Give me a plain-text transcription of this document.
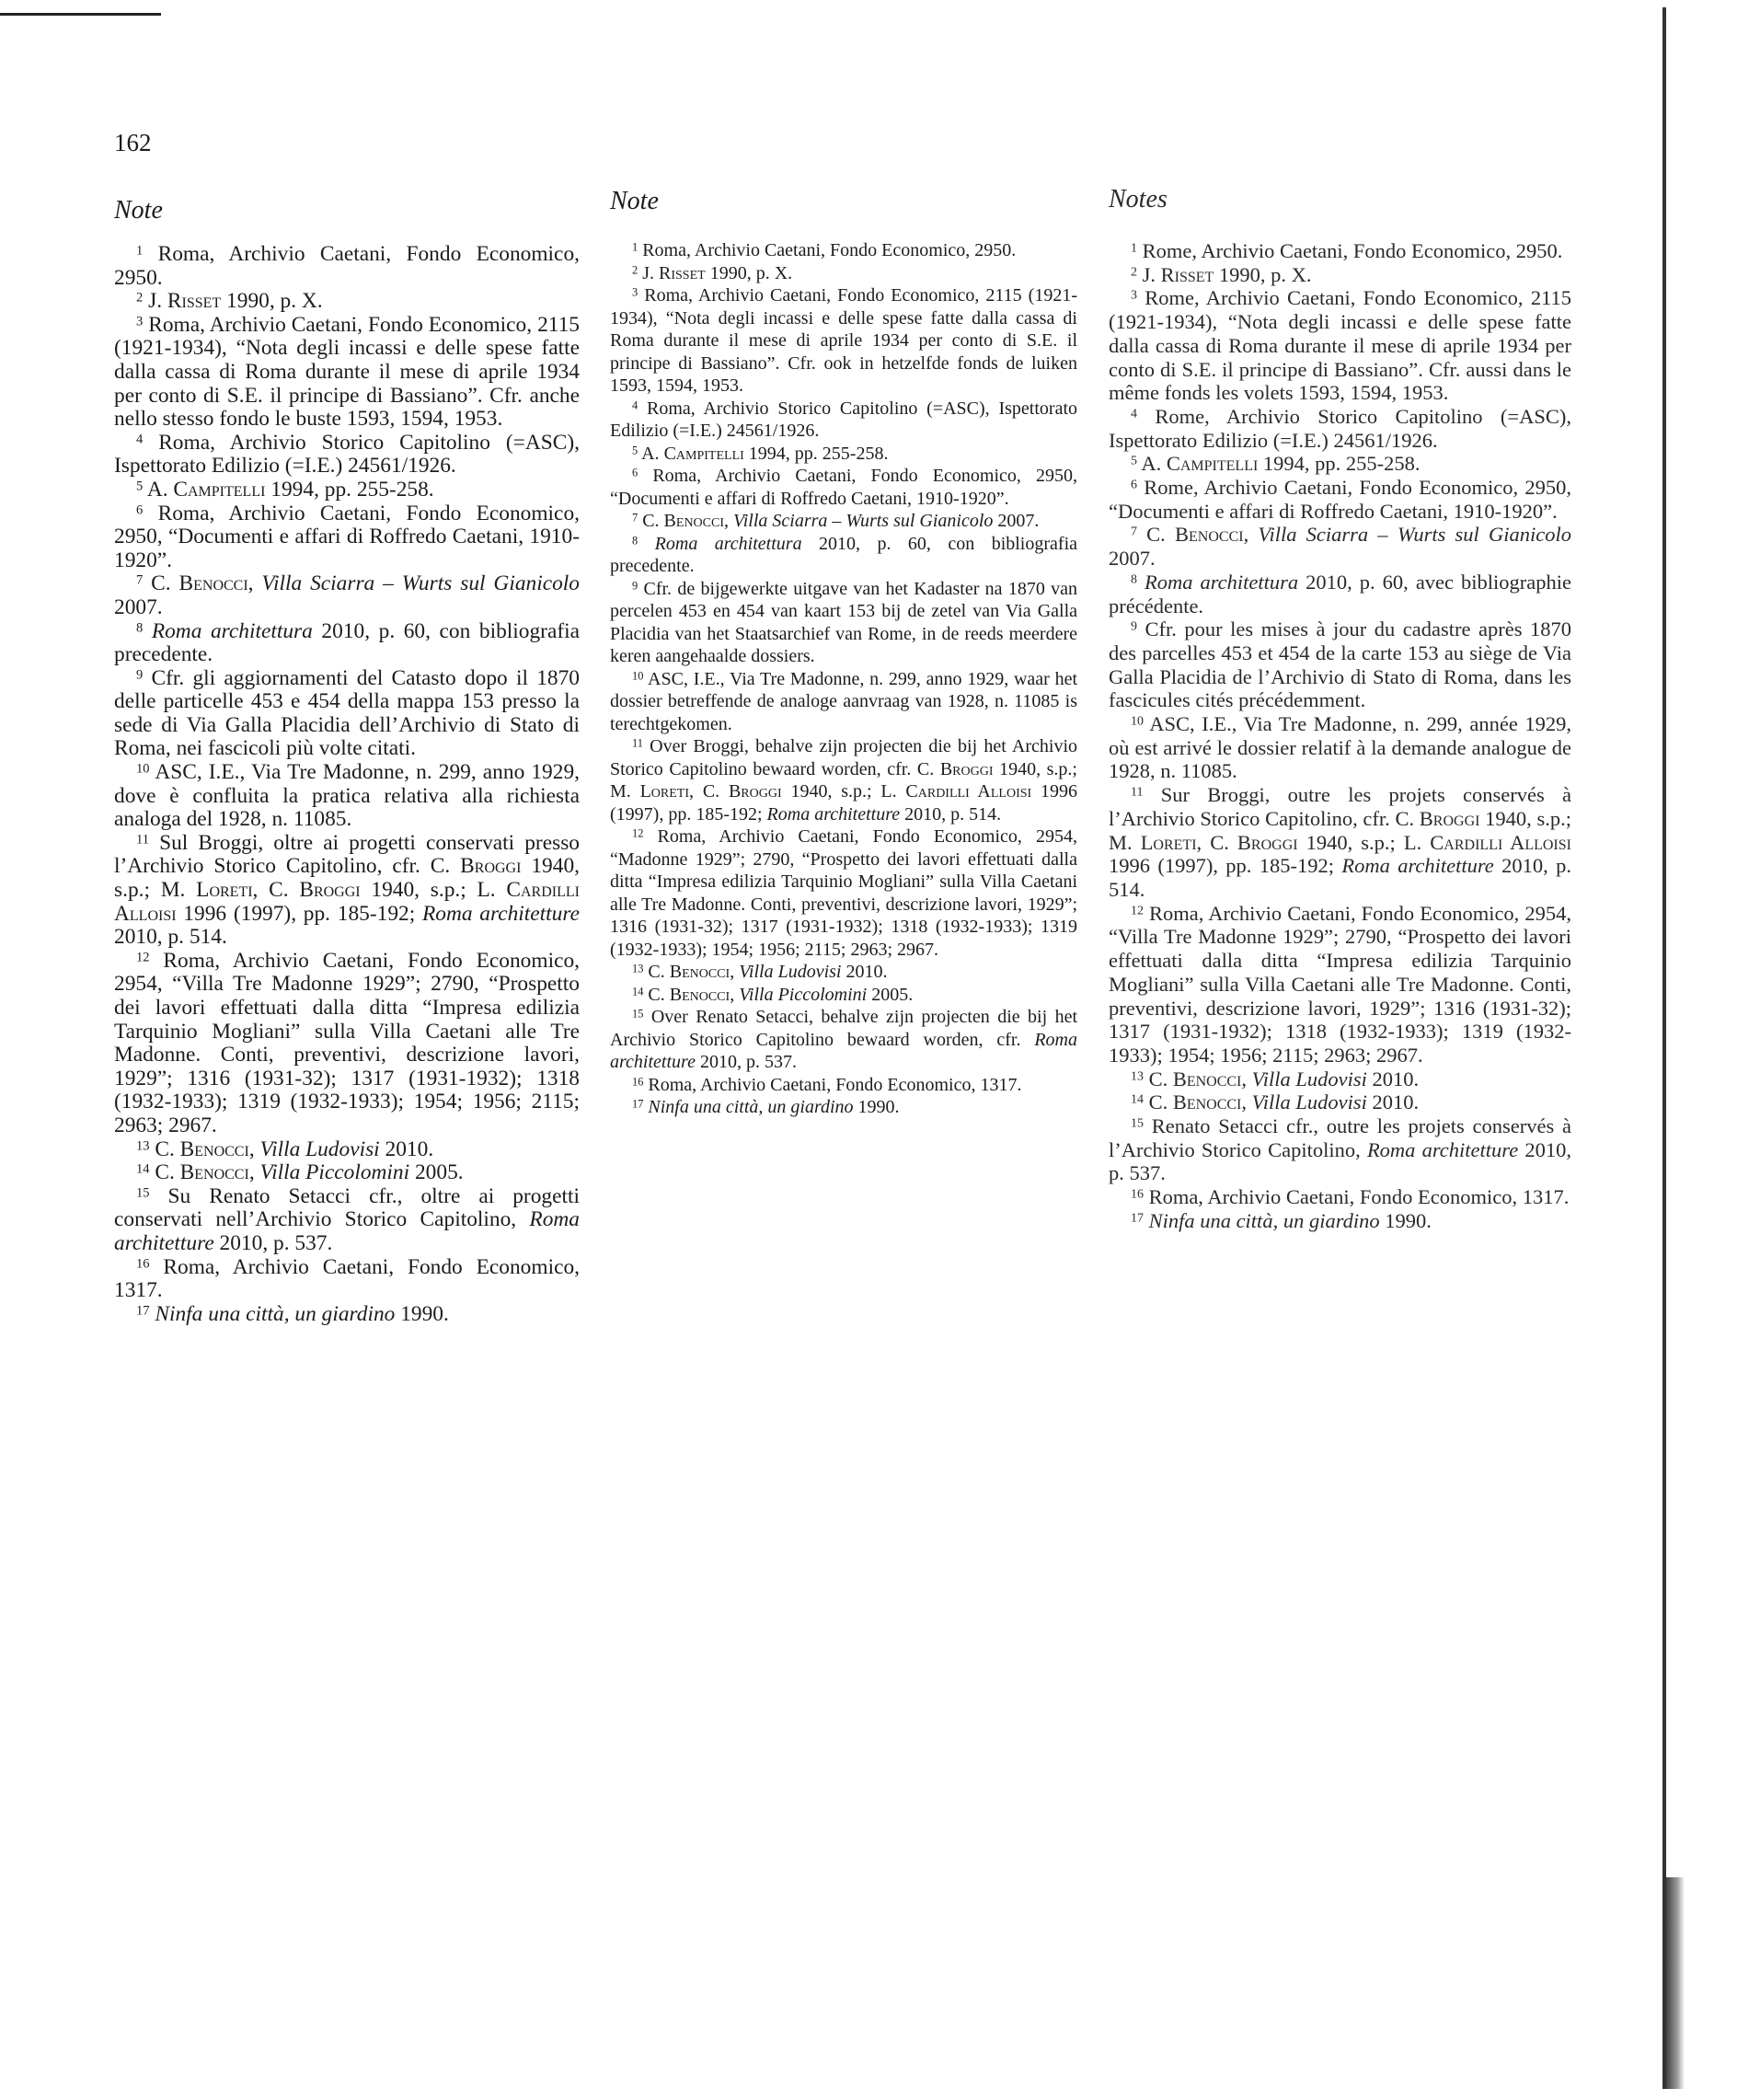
162
Note

$^1$ Roma, Archivio Caetani, Fondo Economico, 2950.

$^2$ J. Risset 1990, p. X.

$^3$ Roma, Archivio Caetani, Fondo Economico, 2115 (1921-1934), “Nota degli incassi e delle spese fatte dalla cassa di Roma durante il mese di aprile 1934 per conto di S.E. il principe di Bassiano”. Cfr. anche nello stesso fondo le buste 1593, 1594, 1953.

$^4$ Roma, Archivio Storico Capitolino (=ASC), Ispettorato Edilizio (=I.E.) 24561/1926.

$^5$ A. Campitelli 1994, pp. 255-258.

$^6$ Roma, Archivio Caetani, Fondo Economico, 2950, “Documenti e affari di Roffredo Caetani, 1910-1920”.

$^7$ C. Benocci, Villa Sciarra – Wurts sul Gianicolo 2007.

$^8$ Roma architettura 2010, p. 60, con bibliografia precedente.

$^9$ Cfr. gli aggiornamenti del Catasto dopo il 1870 delle particelle 453 e 454 della mappa 153 presso la sede di Via Galla Placidia dell’Archivio di Stato di Roma, nei fascicoli più volte citati.

$^{10}$ ASC, I.E., Via Tre Madonne, n. 299, anno 1929, dove è confluita la pratica relativa alla richiesta analoga del 1928, n. 11085.

$^{11}$ Sul Broggi, oltre ai progetti conservati presso l’Archivio Storico Capitolino, cfr. C. Broggi 1940, s.p.; M. Loreti, C. Broggi 1940, s.p.; L. Cardilli Alloisi 1996 (1997), pp. 185-192; Roma architetture 2010, p. 514.

$^{12}$ Roma, Archivio Caetani, Fondo Economico, 2954, “Villa Tre Madonne 1929”; 2790, “Prospetto dei lavori effettuati dalla ditta “Impresa edilizia Tarquinio Mogliani” sulla Villa Caetani alle Tre Madonne. Conti, preventivi, descrizione lavori, 1929”; 1316 (1931-32); 1317 (1931-1932); 1318 (1932-1933); 1319 (1932-1933); 1954; 1956; 2115; 2963; 2967.

$^{13}$ C. Benocci, Villa Ludovisi 2010.

$^{14}$ C. Benocci, Villa Piccolomini 2005.

$^{15}$ Su Renato Setacci cfr., oltre ai progetti conservati nell’Archivio Storico Capitolino, Roma architetture 2010, p. 537.

$^{16}$ Roma, Archivio Caetani, Fondo Economico, 1317.

$^{17}$ Ninfa una città, un giardino 1990.

Note

$^1$ Roma, Archivio Caetani, Fondo Economico, 2950.

$^2$ J. Risset 1990, p. X.

$^3$ Roma, Archivio Caetani, Fondo Economico, 2115 (1921-1934), “Nota degli incassi e delle spese fatte dalla cassa di Roma durante il mese di aprile 1934 per conto di S.E. il principe di Bassiano”. Cfr. ook in hetzelfde fonds de luiken 1593, 1594, 1953.

$^4$ Roma, Archivio Storico Capitolino (=ASC), Ispettorato Edilizio (=I.E.) 24561/1926.

$^5$ A. Campitelli 1994, pp. 255-258.

$^6$ Roma, Archivio Caetani, Fondo Economico, 2950, “Documenti e affari di Roffredo Caetani, 1910-1920”.

$^7$ C. Benocci, Villa Sciarra – Wurts sul Gianicolo 2007.

$^8$ Roma architettura 2010, p. 60, con bibliografia precedente.

$^9$ Cfr. de bijgewerkte uitgave van het Kadaster na 1870 van percelen 453 en 454 van kaart 153 bij de zetel van Via Galla Placidia van het Staatsarchief van Rome, in de reeds meerdere keren aangehaalde dossiers.

$^{10}$ ASC, I.E., Via Tre Madonne, n. 299, anno 1929, waar het dossier betreffende de analoge aanvraag van 1928, n. 11085 is terechtgekomen.

$^{11}$ Over Broggi, behalve zijn projecten die bij het Archivio Storico Capitolino bewaard worden, cfr. C. Broggi 1940, s.p.; M. Loreti, C. Broggi 1940, s.p.; L. Cardilli Alloisi 1996 (1997), pp. 185-192; Roma architetture 2010, p. 514.

$^{12}$ Roma, Archivio Caetani, Fondo Economico, 2954, “Madonne 1929”; 2790, “Prospetto dei lavori effettuati dalla ditta “Impresa edilizia Tarquinio Mogliani” sulla Villa Caetani alle Tre Madonne. Conti, preventivi, descrizione lavori, 1929”; 1316 (1931-32); 1317 (1931-1932); 1318 (1932-1933); 1319 (1932-1933); 1954; 1956; 2115; 2963; 2967.

$^{13}$ C. Benocci, Villa Ludovisi 2010.

$^{14}$ C. Benocci, Villa Piccolomini 2005.

$^{15}$ Over Renato Setacci, behalve zijn projecten die bij het Archivio Storico Capitolino bewaard worden, cfr. Roma architetture 2010, p. 537.

$^{16}$ Roma, Archivio Caetani, Fondo Economico, 1317.

$^{17}$ Ninfa una città, un giardino 1990.

Notes

$^1$ Rome, Archivio Caetani, Fondo Economico, 2950.

$^2$ J. Risset 1990, p. X.

$^3$ Rome, Archivio Caetani, Fondo Economico, 2115 (1921-1934), “Nota degli incassi e delle spese fatte dalla cassa di Roma durante il mese di aprile 1934 per conto di S.E. il principe di Bassiano”. Cfr. aussi dans le même fonds les volets 1593, 1594, 1953.

$^4$ Rome, Archivio Storico Capitolino (=ASC), Ispettorato Edilizio (=I.E.) 24561/1926.

$^5$ A. Campitelli 1994, pp. 255-258.

$^6$ Rome, Archivio Caetani, Fondo Economico, 2950, “Documenti e affari di Roffredo Caetani, 1910-1920”.

$^7$ C. Benocci, Villa Sciarra – Wurts sul Gianicolo 2007.

$^8$ Roma architettura 2010, p. 60, avec bibliographie précédente.

$^9$ Cfr. pour les mises à jour du cadastre après 1870 des parcelles 453 et 454 de la carte 153 au siège de Via Galla Placidia de l’Archivio di Stato di Roma, dans les fascicules cités précédemment.

$^{10}$ ASC, I.E., Via Tre Madonne, n. 299, année 1929, où est arrivé le dossier relatif à la demande analogue de 1928, n. 11085.

$^{11}$ Sur Broggi, outre les projets conservés à l’Archivio Storico Capitolino, cfr. C. Broggi 1940, s.p.; M. Loreti, C. Broggi 1940, s.p.; L. Cardilli Alloisi 1996 (1997), pp. 185-192; Roma architetture 2010, p. 514.

$^{12}$ Roma, Archivio Caetani, Fondo Economico, 2954, “Villa Tre Madonne 1929”; 2790, “Prospetto dei lavori effettuati dalla ditta “Impresa edilizia Tarquinio Mogliani” sulla Villa Caetani alle Tre Madonne. Conti, preventivi, descrizione lavori, 1929”; 1316 (1931-32); 1317 (1931-1932); 1318 (1932-1933); 1319 (1932-1933); 1954; 1956; 2115; 2963; 2967.

$^{13}$ C. Benocci, Villa Ludovisi 2010.

$^{14}$ C. Benocci, Villa Ludovisi 2010.

$^{15}$ Renato Setacci cfr., outre les projets conservés à l’Archivio Storico Capitolino, Roma architetture 2010, p. 537.

$^{16}$ Roma, Archivio Caetani, Fondo Economico, 1317.

$^{17}$ Ninfa una città, un giardino 1990.
